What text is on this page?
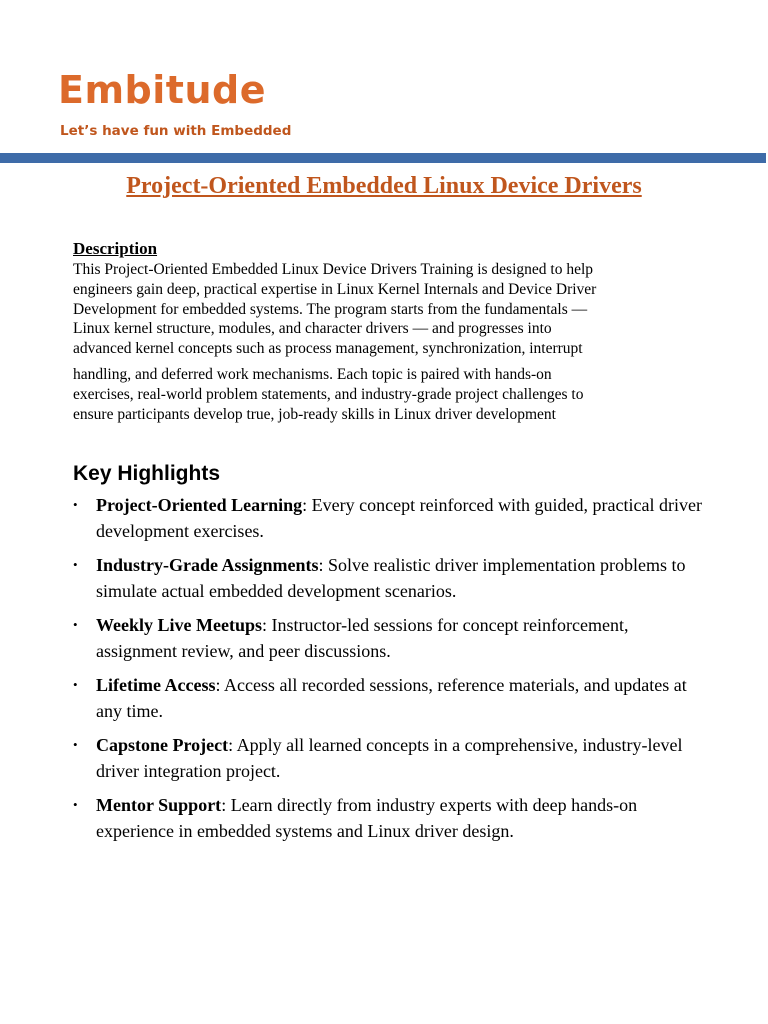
Embitude
Let’s have fun with Embedded
Project-Oriented Embedded Linux Device Drivers
Description

This Project-Oriented Embedded Linux Device Drivers Training is designed to help
engineers gain deep, practical expertise in Linux Kernel Internals and Device Driver
Development for embedded systems. The program starts from the fundamentals —
Linux kernel structure, modules, and character drivers — and progresses into
advanced kernel concepts such as process management, synchronization, interrupt

handling, and deferred work mechanisms. Each topic is paired with hands-on
exercises, real-world problem statements, and industry-grade project challenges to
ensure participants develop true, job-ready skills in Linux driver development

Key Highlights
• Project-Oriented Learning: Every concept reinforced with guided, practical driver development exercises.
• Industry-Grade Assignments: Solve realistic driver implementation problems to simulate actual embedded development scenarios.
• Weekly Live Meetups: Instructor-led sessions for concept reinforcement, assignment review, and peer discussions.
• Lifetime Access: Access all recorded sessions, reference materials, and updates at any time.
• Capstone Project: Apply all learned concepts in a comprehensive, industry-level driver integration project.
• Mentor Support: Learn directly from industry experts with deep hands-on experience in embedded systems and Linux driver design.
